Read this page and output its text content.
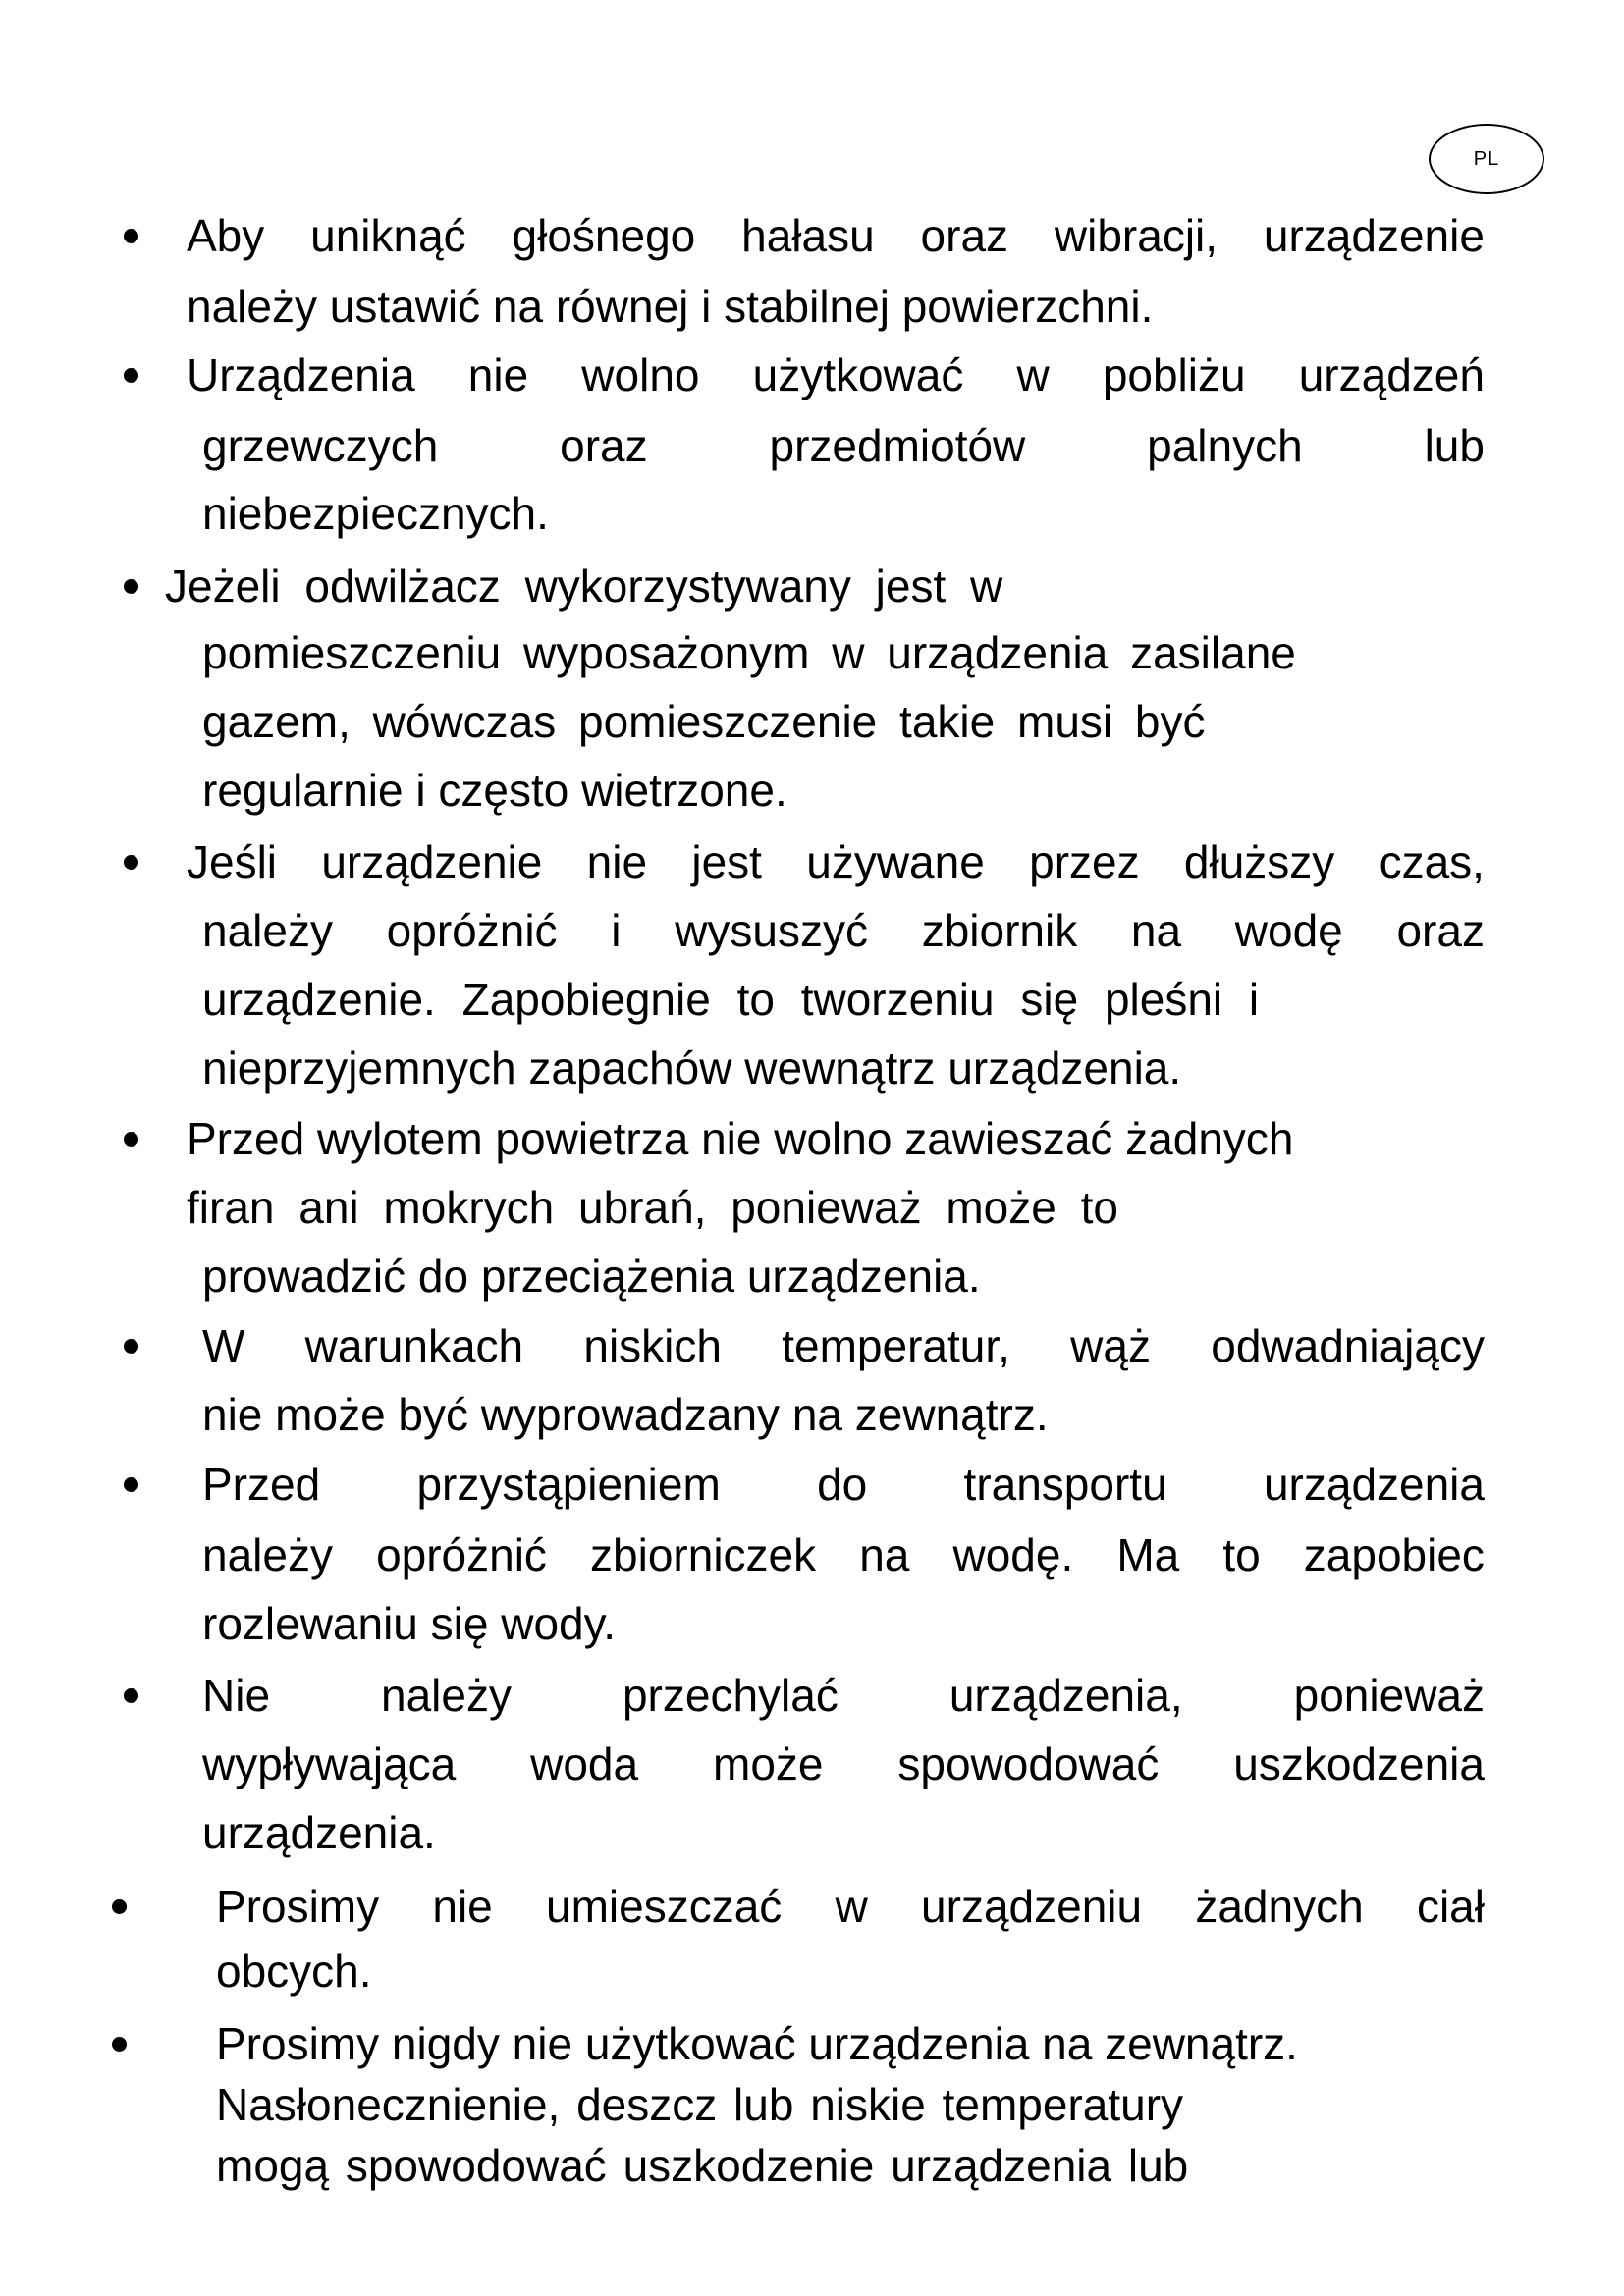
PL
Aby uniknąć głośnego hałasu oraz wibracji, urządzenie
należy ustawić na równej i stabilnej powierzchni.
Urządzenia nie wolno użytkować w pobliżu urządzeń
grzewczych	oraz	przedmiotów	palnych	lub
niebezpiecznych.
Jeżeli odwilżacz wykorzystywany jest w
pomieszczeniu wyposażonym w urządzenia zasilane
gazem, wówczas pomieszczenie takie musi być
regularnie i często wietrzone.
Jeśli urządzenie nie jest używane przez dłuższy czas,
należy opróżnić i wysuszyć zbiornik na wodę oraz
urządzenie. Zapobiegnie to tworzeniu się pleśni i
nieprzyjemnych zapachów wewnątrz urządzenia.
Przed wylotem powietrza nie wolno zawieszać żadnych
firan ani mokrych ubrań, ponieważ może to
prowadzić do przeciążenia urządzenia.
W warunkach niskich temperatur, wąż odwadniający
nie może być wyprowadzany na zewnątrz.
Przed przystąpieniem do transportu urządzenia
należy opróżnić zbiorniczek na wodę. Ma to zapobiec
rozlewaniu się wody.
Nie należy przechylać urządzenia, ponieważ
wypływająca woda może spowodować uszkodzenia
urządzenia.
Prosimy nie umieszczać w urządzeniu żadnych ciał
obcych.
Prosimy nigdy nie użytkować urządzenia na zewnątrz.
Nasłonecznienie, deszcz lub niskie temperatury
mogą spowodować uszkodzenie urządzenia lub
